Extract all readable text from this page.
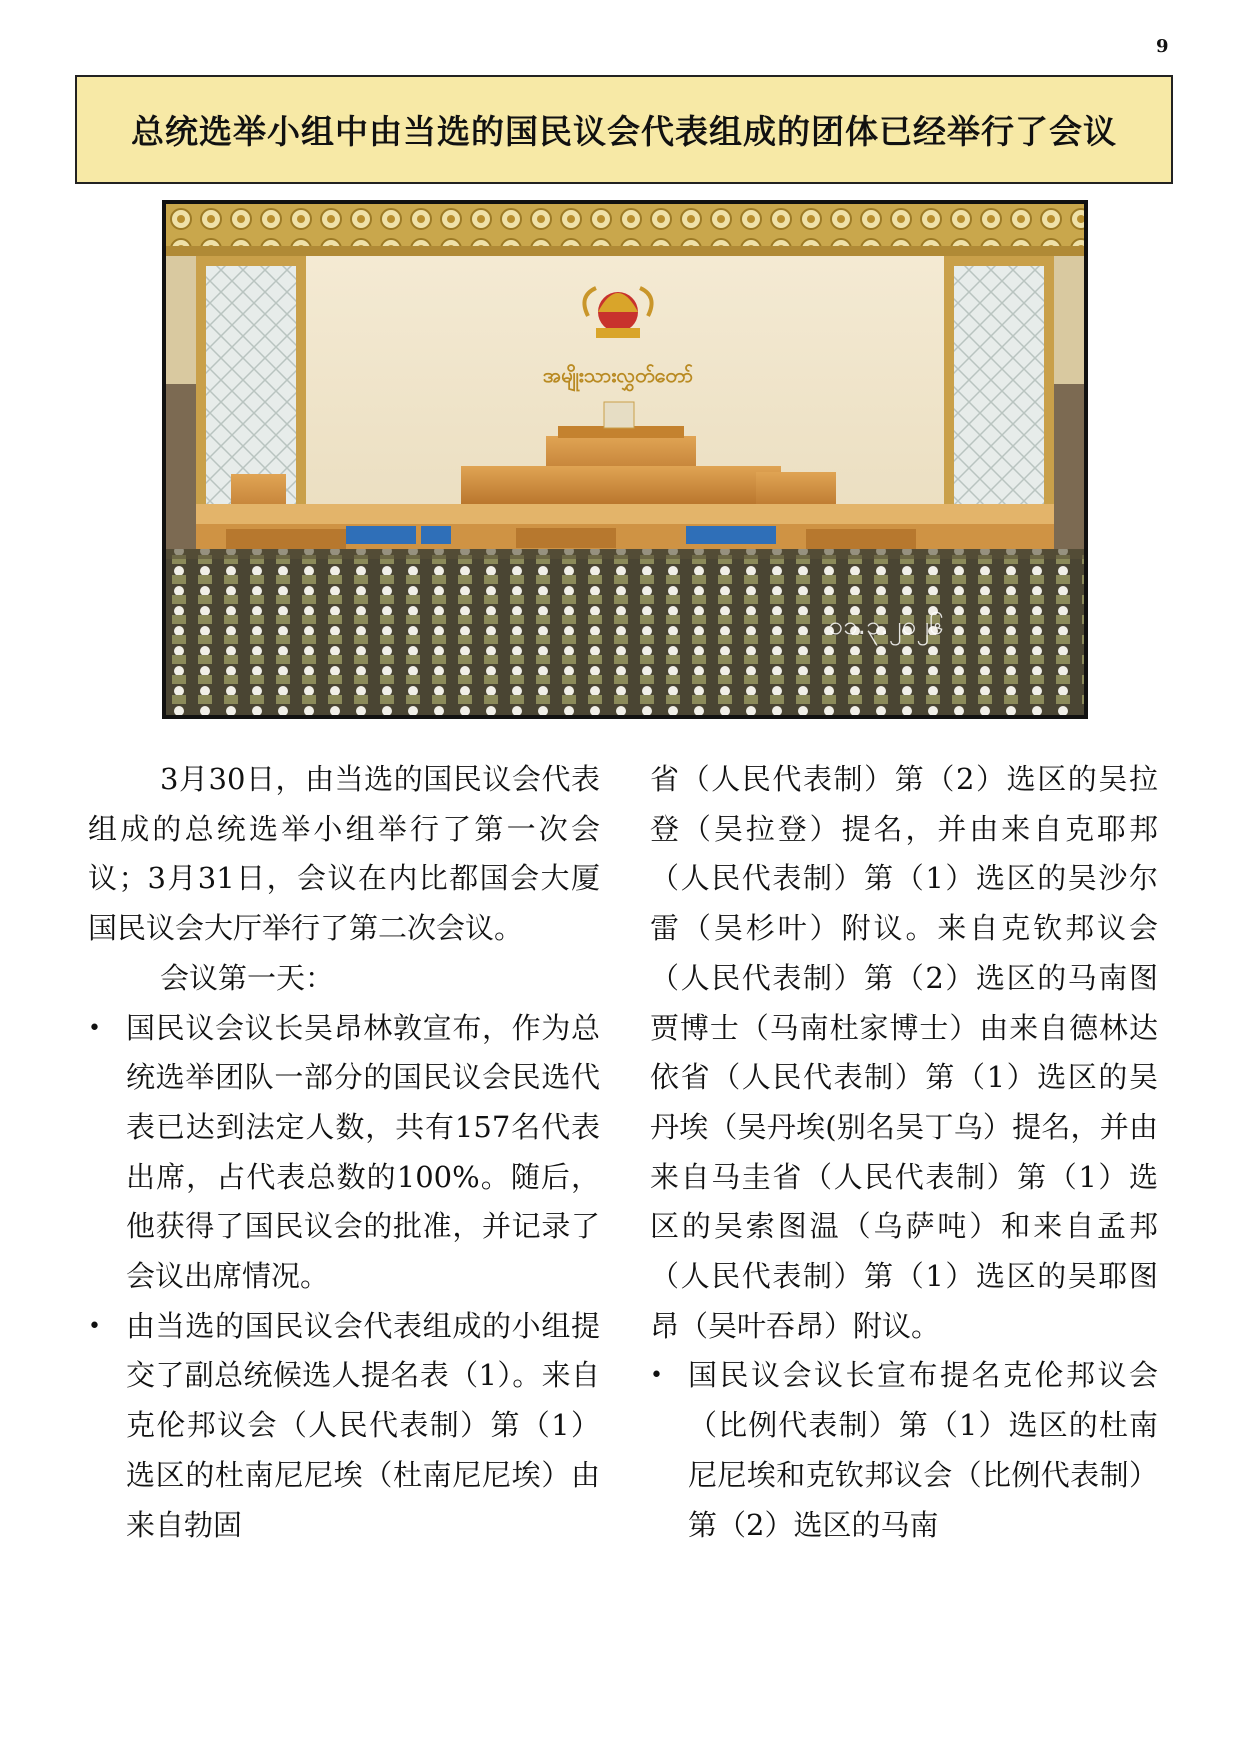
9
总统选举小组中由当选的国民议会代表组成的团体已经举行了会议
အမျိုးသားလွှတ်တော်
၁၁.၃.၂၀၂၆

3月30日，由当选的国民议会代表组成的总统选举小组举行了第一次会议；3月31日，会议在内比都国会大厦国民议会大厅举行了第二次会议。

会议第一天：

• 国民议会议长吴昂林敦宣布，作为总统选举团队一部分的国民议会民选代表已达到法定人数，共有157名代表出席，占代表总数的100%。随后，他获得了国民议会的批准，并记录了会议出席情况。

• 由当选的国民议会代表组成的小组提交了副总统候选人提名表（1）。来自克伦邦议会（人民代表制）第（1）选区的杜南尼尼埃（杜南尼尼埃）由来自勃固

省（人民代表制）第（2）选区的吴拉登（吴拉登）提名，并由来自克耶邦（人民代表制）第（1）选区的吴沙尔雷（吴杉叶）附议。来自克钦邦议会（人民代表制）第（2）选区的马南图贾博士（马南杜家博士）由来自德林达依省（人民代表制）第（1）选区的吴丹埃（吴丹埃(别名吴丁乌）提名，并由来自马圭省（人民代表制）第（1）选区的吴索图温（乌萨吨）和来自孟邦（人民代表制）第（1）选区的吴耶图昂（吴叶吞昂）附议。

• 国民议会议长宣布提名克伦邦议会（比例代表制）第（1）选区的杜南尼尼埃和克钦邦议会（比例代表制）第（2）选区的马南
